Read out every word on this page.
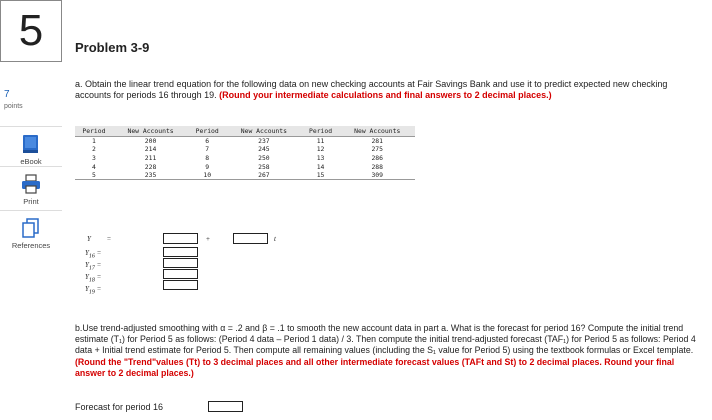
5	Problem 3-9
7
points
eBook
Print
References
a. Obtain the linear trend equation for the following data on new checking accounts at Fair Savings Bank and use it to predict expected new checking accounts for periods 16 through 19. (Round your intermediate calculations and final answers to 2 decimal places.)
Period	New Accounts	Period	New Accounts	Period	New Accounts
1	200	6	237	11	281
2	214	7	245	12	275
3	211	8	250	13	286
4	228	9	258	14	288
5	235	10	267	15	309
Y =	+	t
$Y_{16}$ =
$Y_{17}$ =
$Y_{18}$ =
$Y_{19}$ =
b.Use trend-adjusted smoothing with α = .2 and β = .1 to smooth the new account data in part a. What is the forecast for period 16? Compute the initial trend estimate (T₁) for Period 5 as follows: (Period 4 data – Period 1 data) / 3. Then compute the initial trend-adjusted forecast (TAF₁) for Period 5 as follows: Period 4 data + Initial trend estimate for Period 5. Then compute all remaining values (including the S₁ value for Period 5) using the textbook formulas or Excel template. (Round the "Trend"values (Tt) to 3 decimal places and all other intermediate forecast values (TAFt and St) to 2 decimal places. Round your final answer to 2 decimal places.)
Forecast for period 16
